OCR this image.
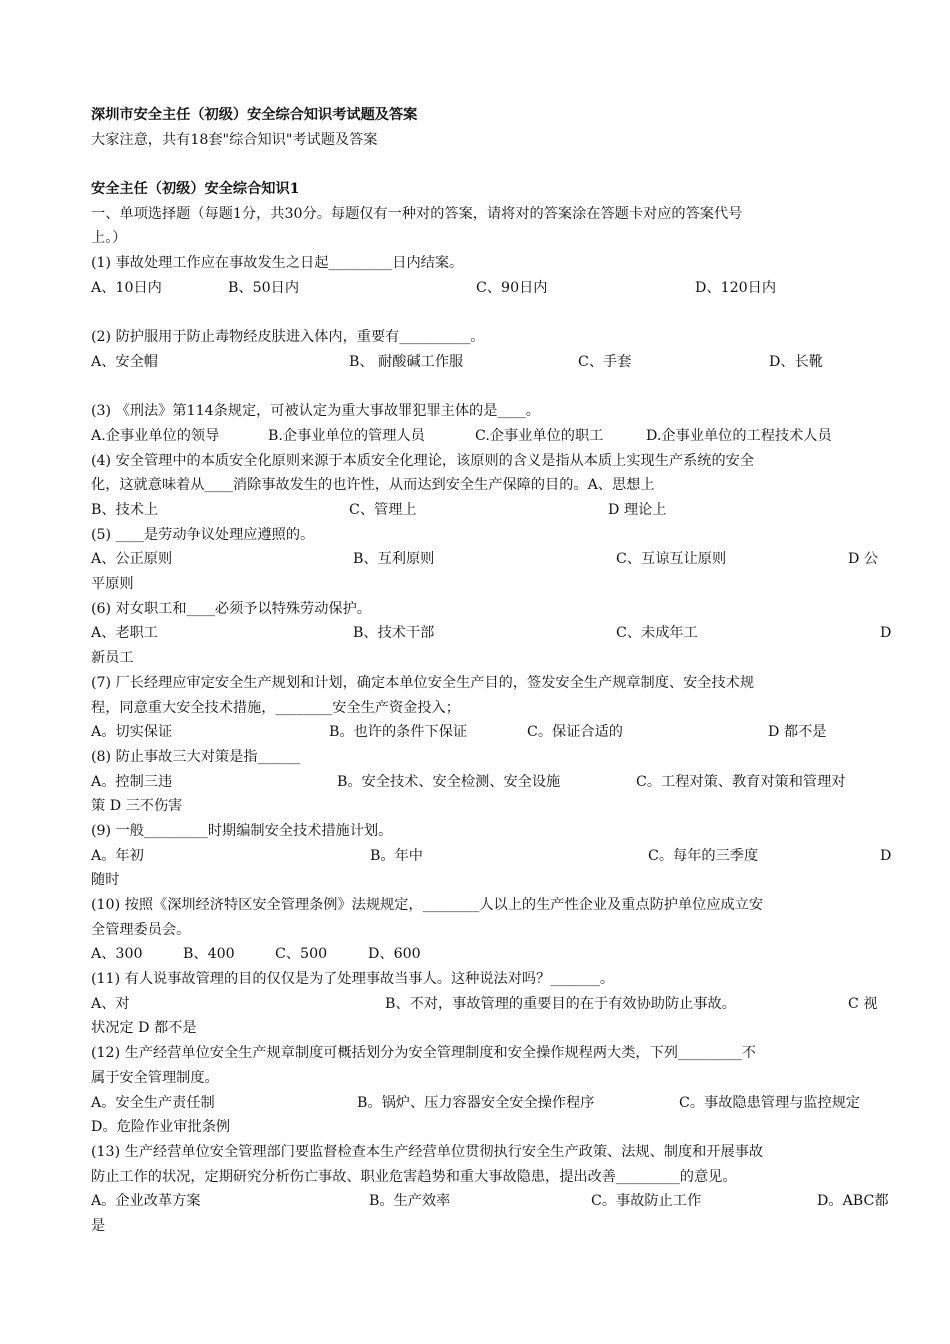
深圳市安全主任（初级）安全综合知识考试题及答案
大家注意，共有18套"综合知识"考试题及答案
安全主任（初级）安全综合知识1
一、单项选择题（每题1分，共30分。每题仅有一种对的答案，请将对的答案涂在答题卡对应的答案代号
上。）
(1) 事故处理工作应在事故发生之日起_________日内结案。
A、10日内	B、50日内	C、90日内	D、120日内
(2) 防护服用于防止毒物经皮肤进入体内，重要有__________。
A、安全帽	B、 耐酸碱工作服	C、手套	D、长靴
(3) 《刑法》第114条规定，可被认定为重大事故罪犯罪主体的是____。
A.企事业单位的领导	B.企事业单位的管理人员	C.企事业单位的职工	D.企事业单位的工程技术人员
(4) 安全管理中的本质安全化原则来源于本质安全化理论，该原则的含义是指从本质上实现生产系统的安全
化，这就意味着从____消除事故发生的也许性，从而达到安全生产保障的目的。A、思想上
B、技术上	C、管理上	D 理论上
(5) ____是劳动争议处理应遵照的。
A、公正原则	B、互利原则	C、互谅互让原则	D 公
平原则
(6) 对女职工和____必须予以特殊劳动保护。
A、老职工	B、技术干部	C、未成年工	D
新员工
(7) 厂长经理应审定安全生产规划和计划，确定本单位安全生产目的，签发安全生产规章制度、安全技术规
程，同意重大安全技术措施，________安全生产资金投入；
A。切实保证	B。也许的条件下保证	C。保证合适的	D 都不是
(8) 防止事故三大对策是指______
A。控制三违	B。安全技术、安全检测、安全设施	C。工程对策、教育对策和管理对
策 D 三不伤害
(9) 一般_________时期编制安全技术措施计划。
A。年初	B。年中	C。每年的三季度	D
随时
(10) 按照《深圳经济特区安全管理条例》法规规定，________人以上的生产性企业及重点防护单位应成立安
全管理委员会。
A、300	B、400	C、500	D、600
(11) 有人说事故管理的目的仅仅是为了处理事故当事人。这种说法对吗？_______。
A、对	B、不对，事故管理的重要目的在于有效协助防止事故。	C 视
状况定 D 都不是
(12) 生产经营单位安全生产规章制度可概括划分为安全管理制度和安全操作规程两大类，下列_________不
属于安全管理制度。
A。安全生产责任制	B。锅炉、压力容器安全安全操作程序	C。事故隐患管理与监控规定
D。危险作业审批条例
(13) 生产经营单位安全管理部门要监督检查本生产经营单位贯彻执行安全生产政策、法规、制度和开展事故
防止工作的状况，定期研究分析伤亡事故、职业危害趋势和重大事故隐患，提出改善_________的意见。
A。企业改革方案	B。生产效率	C。事故防止工作	D。ABC都
是
